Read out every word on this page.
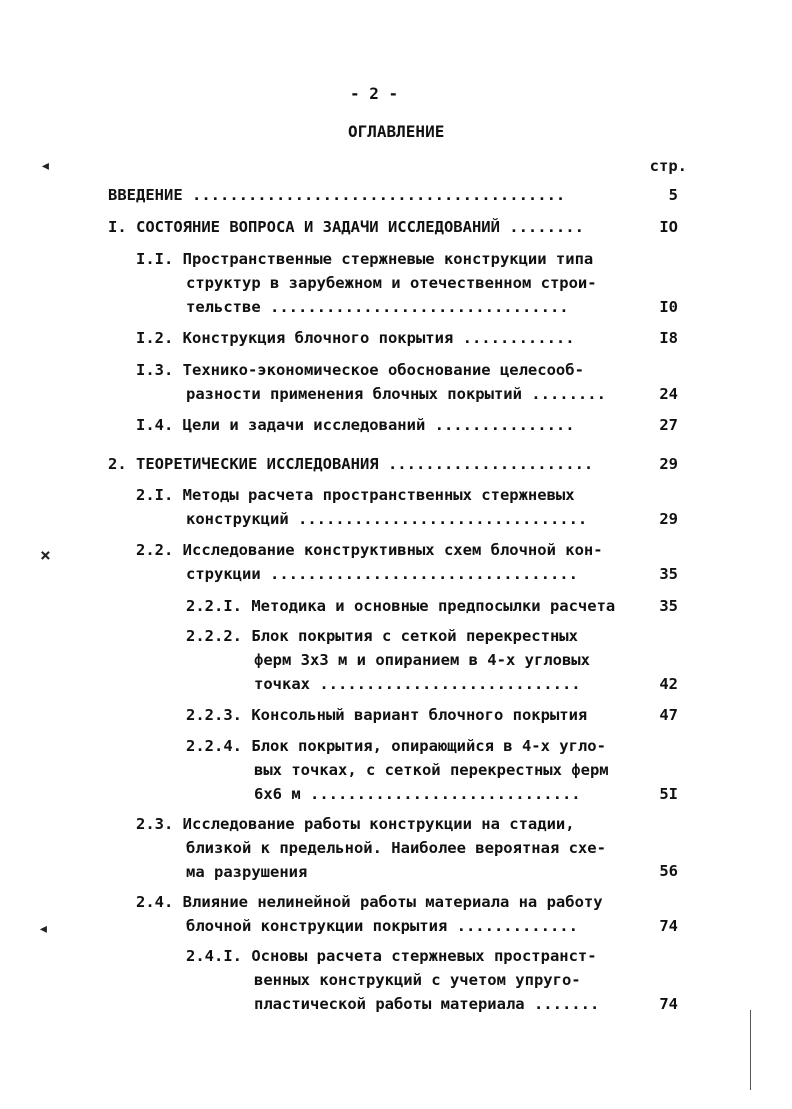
- 2 -
ОГЛАВЛЕНИЕ
стр.
◂
×
◂
ВВЕДЕНИЕ ........................................	5
I. СОСТОЯНИЕ ВОПРОСА И ЗАДАЧИ ИССЛЕДОВАНИЙ ........	IO
I.I. Пространственные стержневые конструкции типа
структур в зарубежном и отечественном строи-
тельстве ................................	I0
I.2. Конструкция блочного покрытия ............	I8
I.3. Технико-экономическое обоснование целесооб-
разности применения блочных покрытий ........	24
I.4. Цели и задачи исследований ...............	27
2. ТЕОРЕТИЧЕСКИЕ ИССЛЕДОВАНИЯ ......................	29
2.I. Методы расчета пространственных стержневых
конструкций ...............................	29
2.2. Исследование конструктивных схем блочной кон-
струкции .................................	35
2.2.I. Методика и основные предпосылки расчета	35
2.2.2. Блок покрытия с сеткой перекрестных
ферм 3х3 м и опиранием в 4-х угловых
точках ............................	42
2.2.3. Консольный вариант блочного покрытия	47
2.2.4. Блок покрытия, опирающийся в 4-х угло-
вых точках, с сеткой перекрестных ферм
6х6 м .............................	5I
2.3. Исследование работы конструкции на стадии,
близкой к предельной. Наиболее вероятная схе-
ма разрушения	56
2.4. Влияние нелинейной работы материала на работу
блочной конструкции покрытия .............	74
2.4.I. Основы расчета стержневых пространст-
венных конструкций с учетом упруго-
пластической работы материала .......	74
